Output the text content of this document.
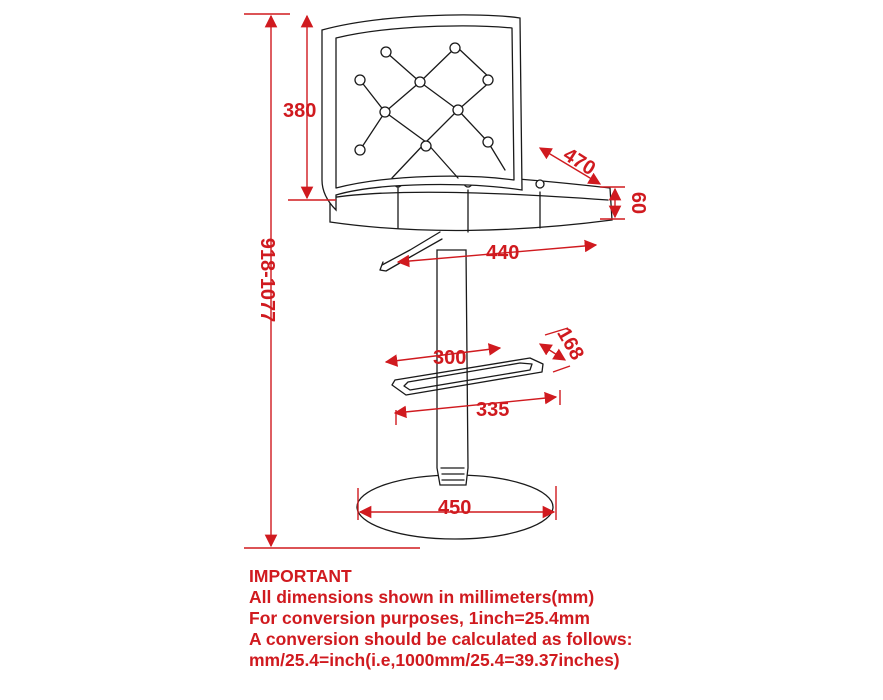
918-1077
380
470
60
440
300	168
335
450
IMPORTANT
All dimensions shown in millimeters(mm)
For conversion purposes, 1inch=25.4mm
A conversion should be calculated as follows:
mm/25.4=inch(i.e,1000mm/25.4=39.37inches)
